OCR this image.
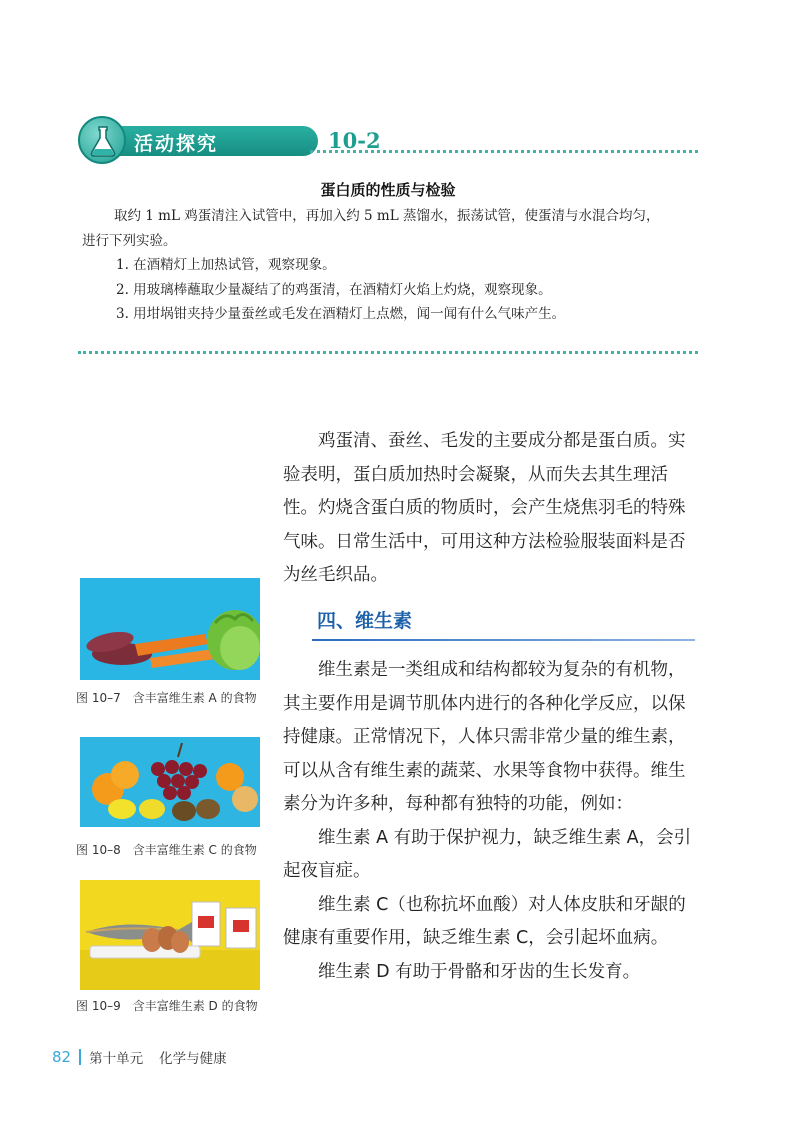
活动探究	10-2
蛋白质的性质与检验

取约 1 mL 鸡蛋清注入试管中，再加入约 5 mL 蒸馏水，振荡试管，使蛋清与水混合均匀，

进行下列实验。

1. 在酒精灯上加热试管，观察现象。

2. 用玻璃棒蘸取少量凝结了的鸡蛋清，在酒精灯火焰上灼烧，观察现象。

3. 用坩埚钳夹持少量蚕丝或毛发在酒精灯上点燃，闻一闻有什么气味产生。

鸡蛋清、蚕丝、毛发的主要成分都是蛋白质。实验表明，蛋白质加热时会凝聚，从而失去其生理活性。灼烧含蛋白质的物质时，会产生烧焦羽毛的特殊气味。日常生活中，可用这种方法检验服装面料是否为丝毛织品。

四、维生素

维生素是一类组成和结构都较为复杂的有机物，其主要作用是调节肌体内进行的各种化学反应，以保持健康。正常情况下，人体只需非常少量的维生素，可以从含有维生素的蔬菜、水果等食物中获得。维生素分为许多种，每种都有独特的功能，例如：

维生素 A 有助于保护视力，缺乏维生素 A，会引起夜盲症。

维生素 C（也称抗坏血酸）对人体皮肤和牙龈的健康有重要作用，缺乏维生素 C，会引起坏血病。

维生素 D 有助于骨骼和牙齿的生长发育。

图 10–7 含丰富维生素 A 的食物
图 10–8 含丰富维生素 C 的食物
图 10–9 含丰富维生素 D 的食物
82 第十单元 化学与健康
